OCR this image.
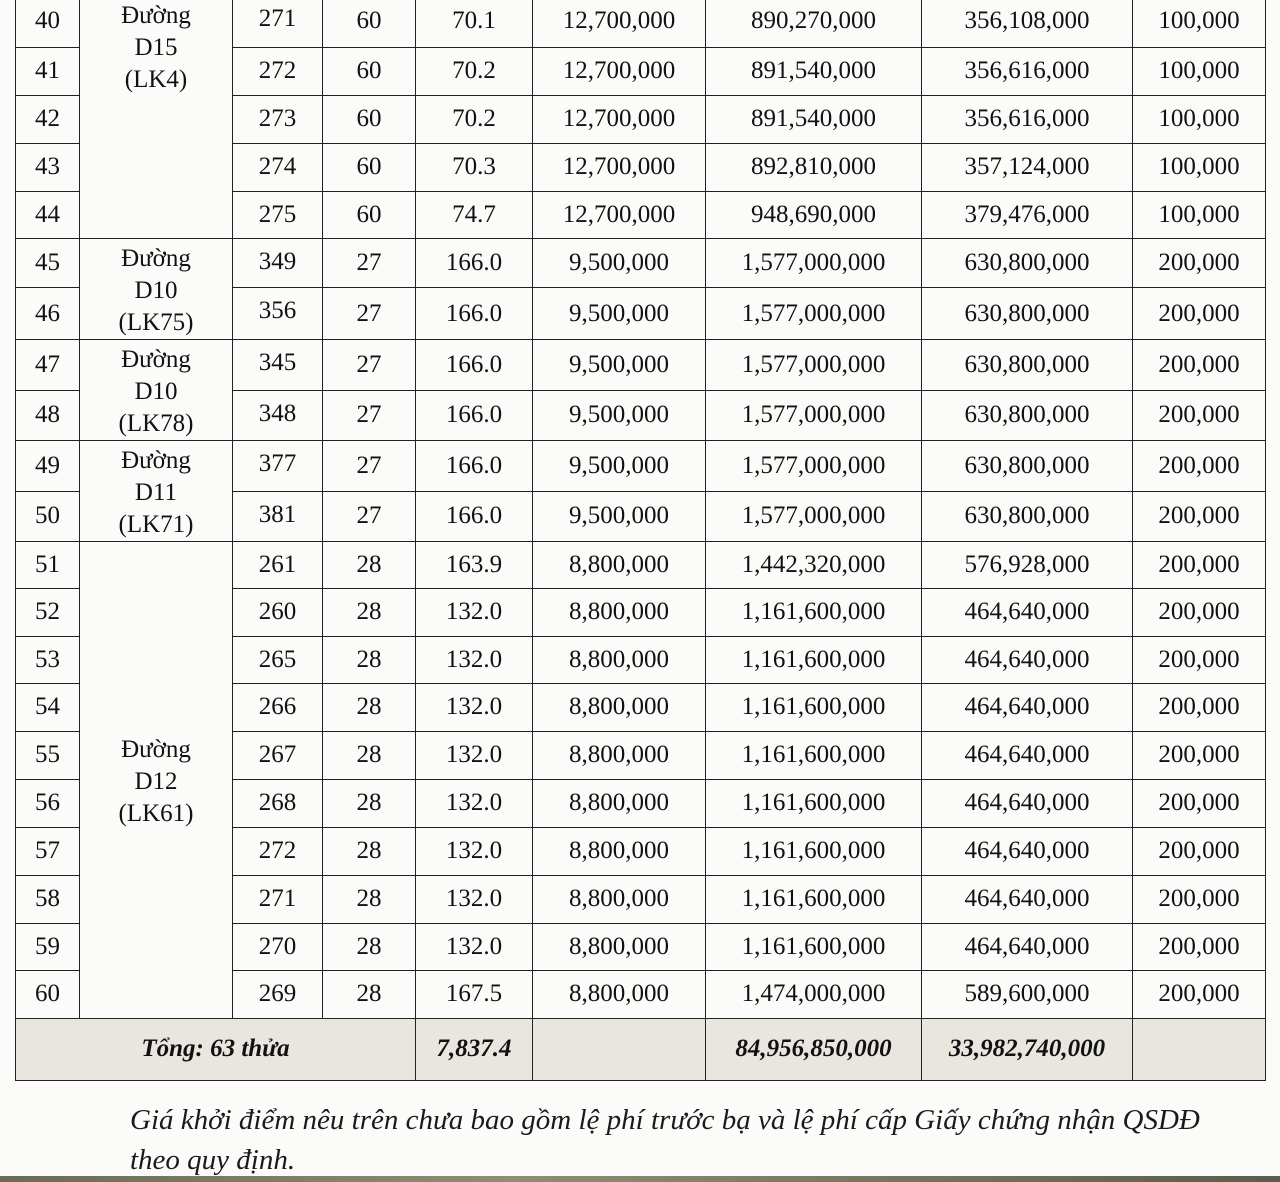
40	Đường
D15
(LK4)	271	60	70.1	12,700,000	890,270,000	356,108,000	100,000
41		272	60	70.2	12,700,000	891,540,000	356,616,000	100,000
42		273	60	70.2	12,700,000	891,540,000	356,616,000	100,000
43		274	60	70.3	12,700,000	892,810,000	357,124,000	100,000
44		275	60	74.7	12,700,000	948,690,000	379,476,000	100,000
45	Đường
D10
(LK75)	349	27	166.0	9,500,000	1,577,000,000	630,800,000	200,000
46		356	27	166.0	9,500,000	1,577,000,000	630,800,000	200,000
47	Đường
D10
(LK78)	345	27	166.0	9,500,000	1,577,000,000	630,800,000	200,000
48		348	27	166.0	9,500,000	1,577,000,000	630,800,000	200,000
49	Đường
D11
(LK71)	377	27	166.0	9,500,000	1,577,000,000	630,800,000	200,000
50		381	27	166.0	9,500,000	1,577,000,000	630,800,000	200,000
51	Đường
D12
(LK61)	261	28	163.9	8,800,000	1,442,320,000	576,928,000	200,000
52		260	28	132.0	8,800,000	1,161,600,000	464,640,000	200,000
53		265	28	132.0	8,800,000	1,161,600,000	464,640,000	200,000
54		266	28	132.0	8,800,000	1,161,600,000	464,640,000	200,000
55		267	28	132.0	8,800,000	1,161,600,000	464,640,000	200,000
56		268	28	132.0	8,800,000	1,161,600,000	464,640,000	200,000
57		272	28	132.0	8,800,000	1,161,600,000	464,640,000	200,000
58		271	28	132.0	8,800,000	1,161,600,000	464,640,000	200,000
59		270	28	132.0	8,800,000	1,161,600,000	464,640,000	200,000
60		269	28	167.5	8,800,000	1,474,000,000	589,600,000	200,000
Tổng: 63 thửa				7,837.4		84,956,850,000	33,982,740,000	
Giá khởi điểm nêu trên chưa bao gồm lệ phí trước bạ và lệ phí cấp Giấy chứng nhận QSDĐ theo quy định.
